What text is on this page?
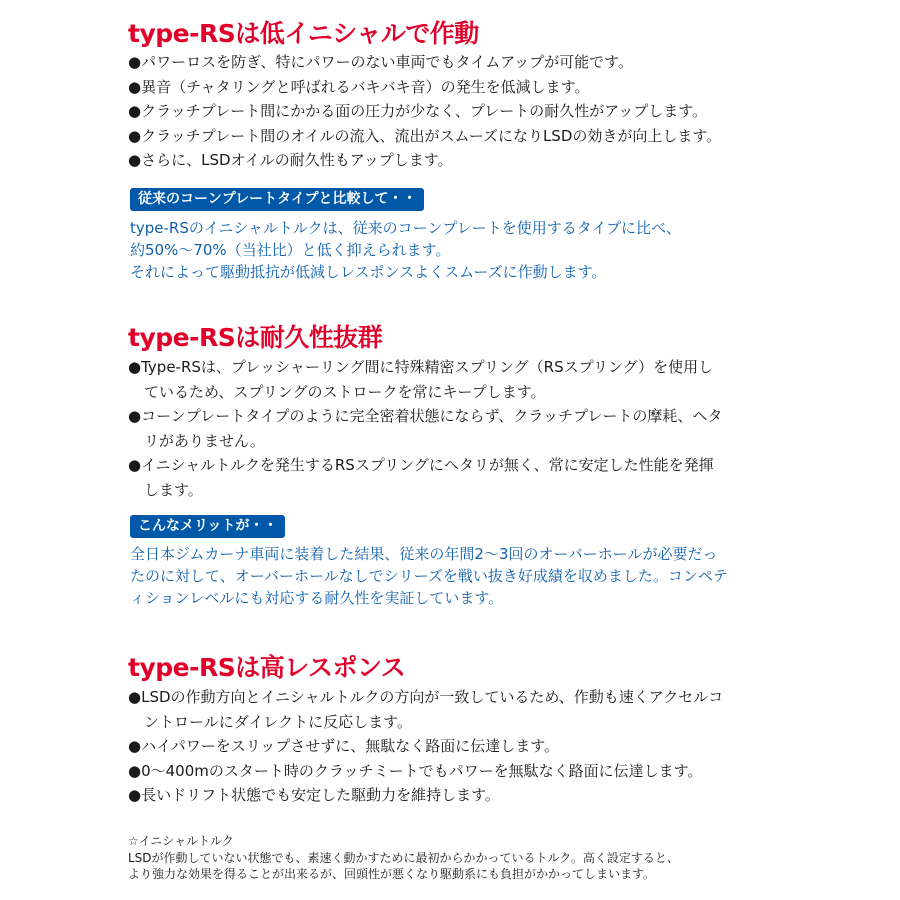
type-RSは低イニシャルで作動
●パワーロスを防ぎ、特にパワーのない車両でもタイムアップが可能です。
●異音（チャタリングと呼ばれるバキバキ音）の発生を低減します。
●クラッチプレート間にかかる面の圧力が少なく、プレートの耐久性がアップします。
●クラッチプレート間のオイルの流入、流出がスムーズになりLSDの効きが向上します。
●さらに、LSDオイルの耐久性もアップします。
従来のコーンプレートタイプと比較して・・
type-RSのイニシャルトルクは、従来のコーンプレートを使用するタイプに比べ、
約50%〜70%（当社比）と低く抑えられます。
それによって駆動抵抗が低減しレスポンスよくスムーズに作動します。
type-RSは耐久性抜群
●Type-RSは、プレッシャーリング間に特殊精密スプリング（RSスプリング）を使用し
ているため、スプリングのストロークを常にキープします。
●コーンプレートタイプのように完全密着状態にならず、クラッチプレートの摩耗、ヘタ
リがありません。
●イニシャルトルクを発生するRSスプリングにヘタリが無く、常に安定した性能を発揮
します。
こんなメリットが・・
全日本ジムカーナ車両に装着した結果、従来の年間2〜3回のオーバーホールが必要だっ
たのに対して、オーバーホールなしでシリーズを戦い抜き好成績を収めました。コンペテ
ィションレベルにも対応する耐久性を実証しています。
type-RSは高レスポンス
●LSDの作動方向とイニシャルトルクの方向が一致しているため、作動も速くアクセルコ
ントロールにダイレクトに反応します。
●ハイパワーをスリップさせずに、無駄なく路面に伝達します。
●0〜400mのスタート時のクラッチミートでもパワーを無駄なく路面に伝達します。
●長いドリフト状態でも安定した駆動力を維持します。
☆イニシャルトルク
LSDが作動していない状態でも、素速く動かすために最初からかかっているトルク。高く設定すると、
より強力な効果を得ることが出来るが、回頭性が悪くなり駆動系にも負担がかかってしまいます。
